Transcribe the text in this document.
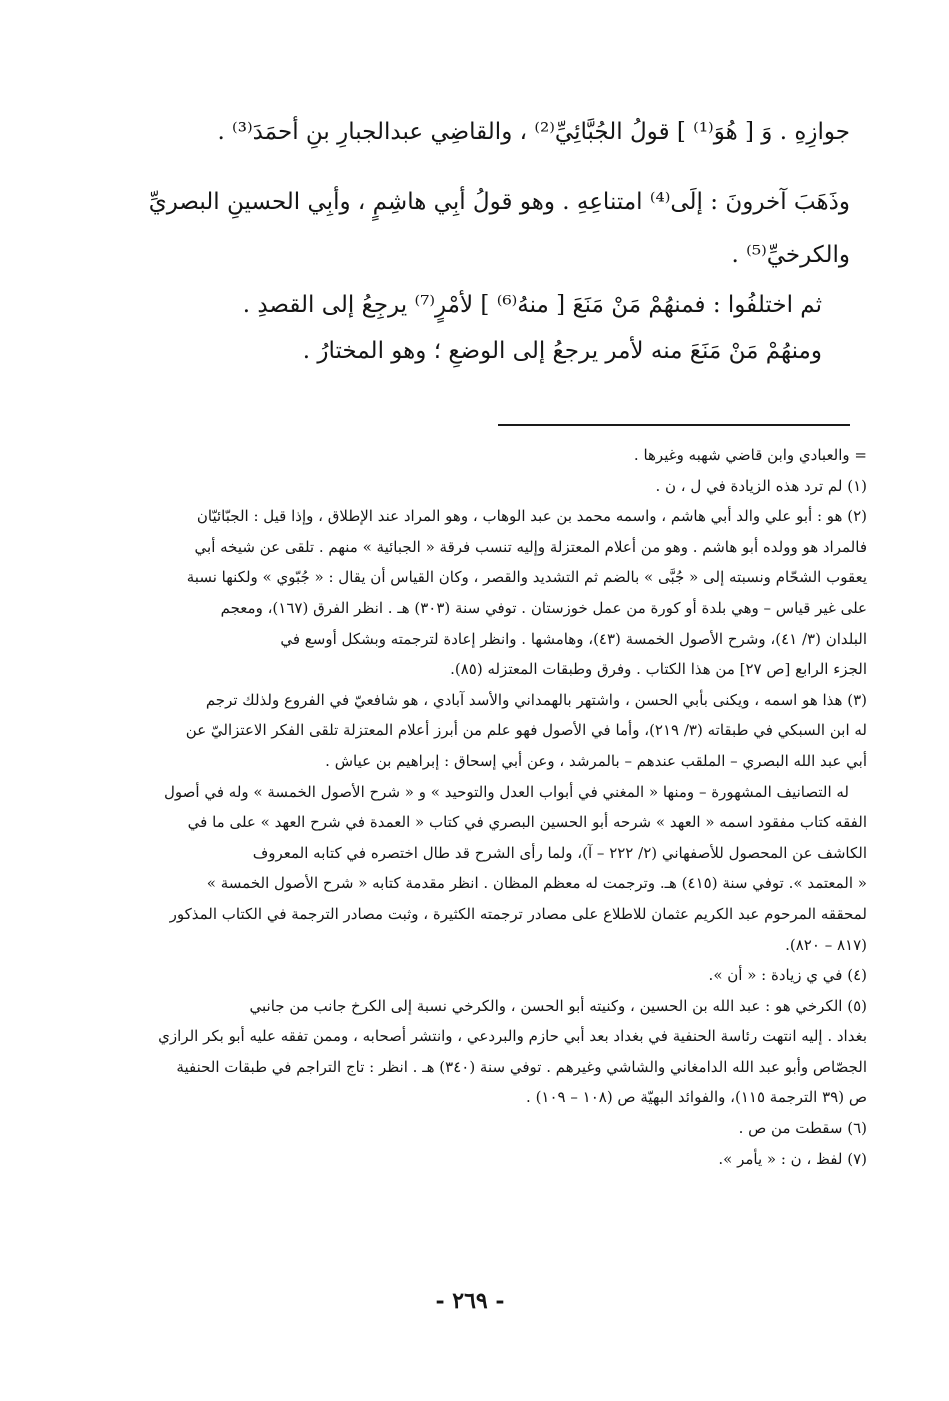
جوازِهِ . وَ [ هُوَ⁽¹⁾ ] قولُ الجُبَّائِيِّ⁽²⁾ ، والقاضِي عبدالجبارِ بنِ أحمَدَ⁽³⁾ .

وذَهَبَ آخرونَ : إلَى⁽⁴⁾ امتناعِهِ . وهو قولُ أبِي هاشِمٍ ، وأبِي الحسينِ البصريِّ

والكرخيِّ⁽⁵⁾ .

ثم اختلفُوا : فمنهُمْ مَنْ مَنَعَ [ منهُ⁽⁶⁾ ] لأمْرٍ⁽⁷⁾ يرجِعُ إلى القصدِ .

ومنهُمْ مَنْ مَنَعَ منه لأمر يرجعُ إلى الوضعِ ؛ وهو المختارُ .

= والعبادي وابن قاضي شهبه وغيرها .

(١) لم ترد هذه الزيادة في ل ، ن .

(٢) هو : أبو علي والد أبي هاشم ، واسمه محمد بن عبد الوهاب ، وهو المراد عند الإطلاق ، وإذا قيل : الجبّائيّان

فالمراد هو وولده أبو هاشم . وهو من أعلام المعتزلة وإليه تنسب فرقة « الجبائية » منهم . تلقى عن شيخه أبي

يعقوب الشحّام ونسبته إلى « جُبَّى » بالضم ثم التشديد والقصر ، وكان القياس أن يقال : « جُبّوي » ولكنها نسبة

على غير قياس – وهي بلدة أو كورة من عمل خوزستان . توفي سنة (٣٠٣) هـ . انظر الفرق (١٦٧)، ومعجم

البلدان (٣/ ٤١)، وشرح الأصول الخمسة (٤٣)، وهامشها . وانظر إعادة لترجمته وبشكل أوسع في

الجزء الرابع [ص ٢٧] من هذا الكتاب . وفرق وطبقات المعتزله (٨٥).

(٣) هذا هو اسمه ، ويكنى بأبي الحسن ، واشتهر بالهمداني والأسد آبادي ، هو شافعيّ في الفروع ولذلك ترجم

له ابن السبكي في طبقاته (٣/ ٢١٩)، وأما في الأصول فهو علم من أبرز أعلام المعتزلة تلقى الفكر الاعتزاليّ عن

أبي عبد الله البصري – الملقب عندهم – بالمرشد ، وعن أبي إسحاق : إبراهيم بن عياش .

له التصانيف المشهورة – ومنها « المغني في أبواب العدل والتوحيد » و « شرح الأصول الخمسة » وله في أصول

الفقه كتاب مفقود اسمه « العهد » شرحه أبو الحسين البصري في كتاب « العمدة في شرح العهد » على ما في

الكاشف عن المحصول للأصفهاني (٢/ ٢٢٢ – آ)، ولما رأى الشرح قد طال اختصره في كتابه المعروف

« المعتمد ». توفي سنة (٤١٥) هـ. وترجمت له معظم المظان . انظر مقدمة كتابه « شرح الأصول الخمسة »

لمحققه المرحوم عبد الكريم عثمان للاطلاع على مصادر ترجمته الكثيرة ، وثبت مصادر الترجمة في الكتاب المذكور

(٨١٧ – ٨٢٠).

(٤) في ي زيادة : « أن ».

(٥) الكرخي هو : عبد الله بن الحسين ، وكنيته أبو الحسن ، والكرخي نسبة إلى الكرخ جانب من جانبي

بغداد . إليه انتهت رئاسة الحنفية في بغداد بعد أبي حازم والبردعي ، وانتشر أصحابه ، وممن تفقه عليه أبو بكر الرازي

الجصّاص وأبو عبد الله الدامغاني والشاشي وغيرهم . توفي سنة (٣٤٠) هـ . انظر : تاج التراجم في طبقات الحنفية

ص (٣٩ الترجمة ١١٥)، والفوائد البهيّة ص (١٠٨ – ١٠٩) .

(٦) سقطت من ص .

(٧) لفظ ، ن : « يأمر ».

- ٢٦٩ -
